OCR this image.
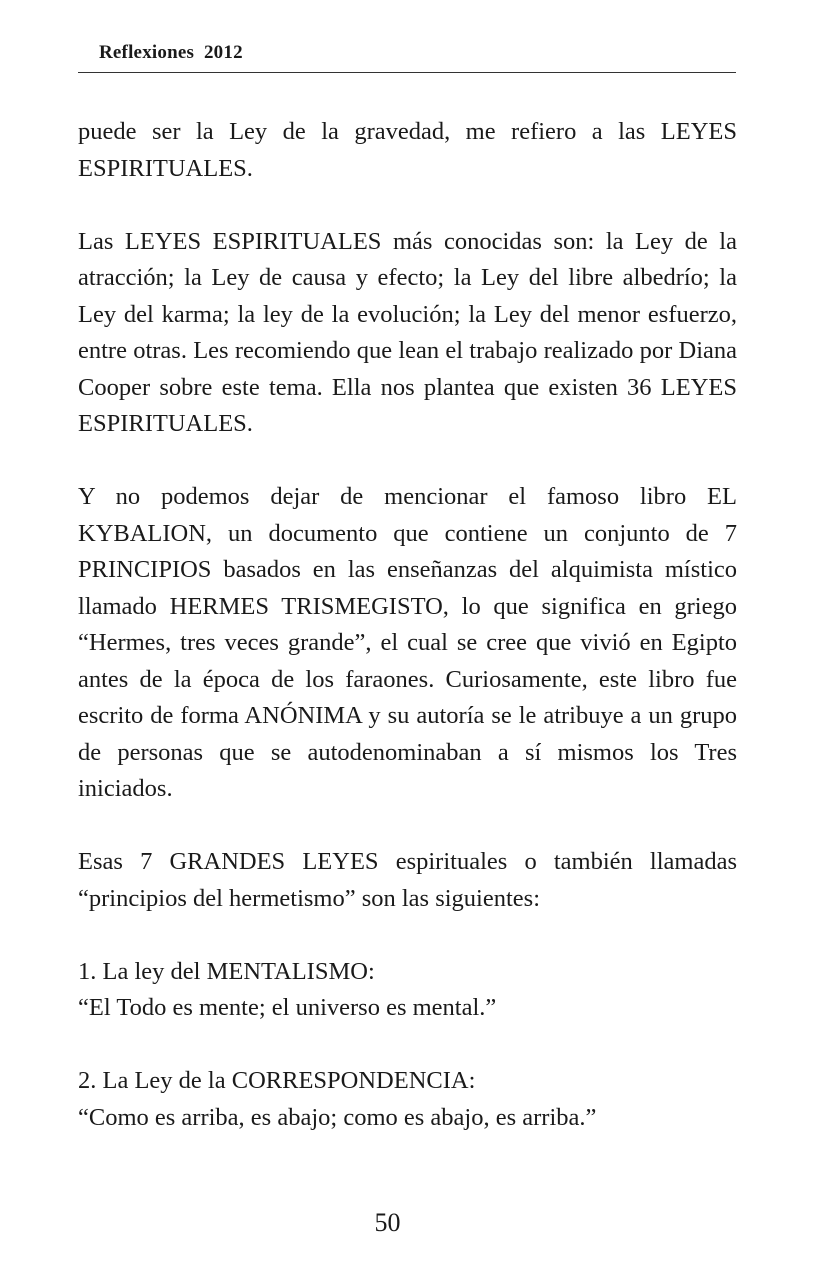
Reflexiones  2012

puede ser la Ley de la gravedad, me refiero a las LEYES ESPIRITUALES.

Las LEYES ESPIRITUALES más conocidas son: la Ley de la atracción; la Ley de causa y efecto; la Ley del libre albedrío; la Ley del karma; la ley de la evolución; la Ley del menor esfuerzo, entre otras. Les recomiendo que lean el trabajo realizado por Diana Cooper sobre este tema. Ella nos plantea que existen 36 LEYES ESPIRITUALES.

Y no podemos dejar de mencionar el famoso libro EL KYBALION, un documento que contiene un conjunto de 7 PRINCIPIOS basados en las enseñanzas del alquimista místico llamado HERMES TRISMEGISTO, lo que significa en griego “Hermes, tres veces grande”, el cual se cree que vivió en Egipto antes de la época de los faraones. Curiosamente, este libro fue escrito de forma ANÓNIMA y su autoría se le atribuye a un grupo de personas que se autodenominaban a sí mismos los Tres iniciados.

Esas 7 GRANDES LEYES espirituales o también llamadas “principios del hermetismo” son las siguientes:

1. La ley del MENTALISMO:
“El Todo es mente; el universo es mental.”
2. La Ley de la CORRESPONDENCIA:
“Como es arriba, es abajo; como es abajo, es arriba.”
50
